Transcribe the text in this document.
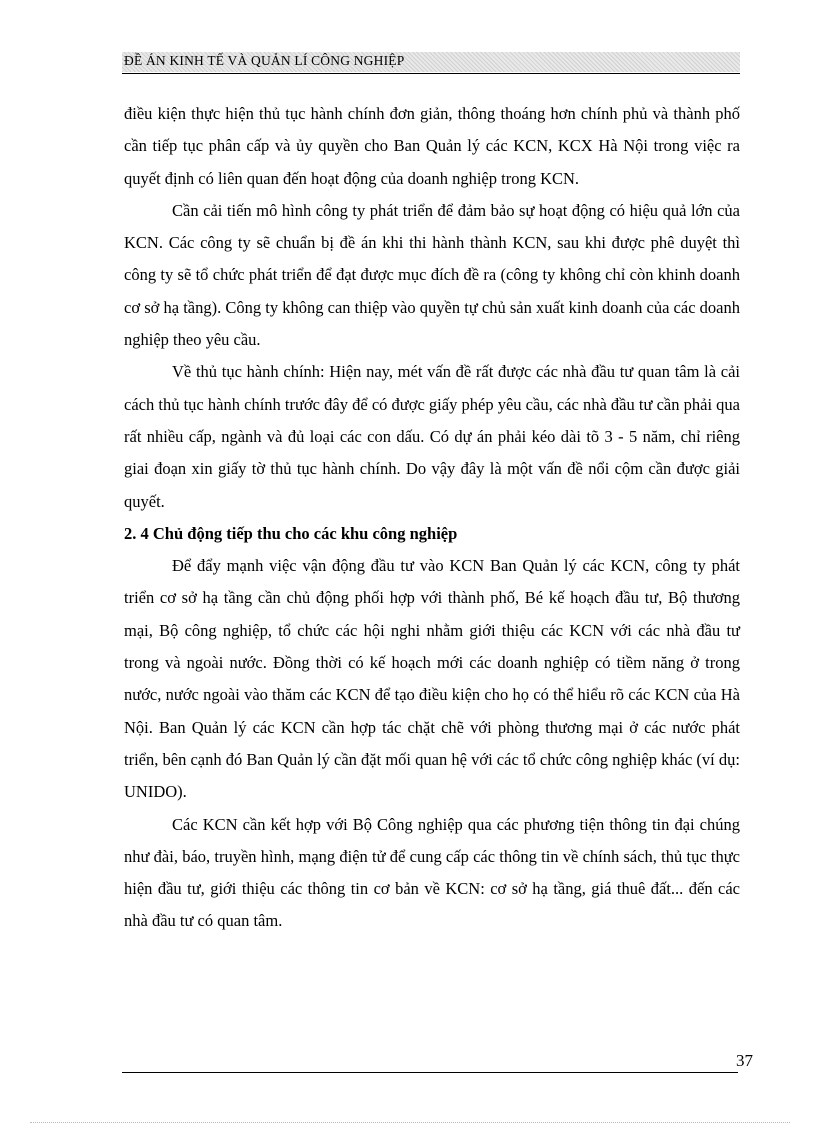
ĐỀ ÁN KINH TẾ VÀ QUẢN LÍ CÔNG NGHIỆP

điều kiện thực hiện thủ tục hành chính đơn giản, thông thoáng hơn chính phủ và thành phố cần tiếp tục phân cấp và ủy quyền cho Ban Quản lý các KCN, KCX Hà Nội trong việc ra quyết định có liên quan đến hoạt động của doanh nghiệp trong KCN.

Cần cải tiến mô hình công ty phát triển để đảm bảo sự hoạt động có hiệu quả lớn của KCN. Các công ty sẽ chuẩn bị đề án khi thi hành thành KCN, sau khi được phê duyệt thì công ty sẽ tổ chức phát triển để đạt được mục đích đề ra (công ty không chỉ còn khinh doanh cơ sở hạ tầng). Công ty không can thiệp vào quyền tự chủ sản xuất kinh doanh của các doanh nghiệp theo yêu cầu.

Về thủ tục hành chính: Hiện nay, mét vấn đề rất được các nhà đầu tư quan tâm là cải cách thủ tục hành chính trước đây để có được giấy phép yêu cầu, các nhà đầu tư cần phải qua rất nhiều cấp, ngành và đủ loại các con dấu. Có dự án phải kéo dài tõ 3 - 5 năm, chỉ riêng giai đoạn xin giấy tờ thủ tục hành chính. Do vậy đây là một vấn đề nổi cộm cần được giải quyết.

2. 4 Chủ động tiếp thu cho các khu công nghiệp

Để đẩy mạnh việc vận động đầu tư vào KCN Ban Quản lý các KCN, công ty phát triển cơ sở hạ tầng cần chủ động phối hợp với thành phố, Bé kế hoạch đầu tư, Bộ thương mại, Bộ công nghiệp, tổ chức các hội nghi nhằm giới thiệu các KCN với các nhà đầu tư trong và ngoài nước. Đồng thời có kế hoạch mới các doanh nghiệp có tiềm năng ở trong nước, nước ngoài vào thăm các KCN để tạo điều kiện cho họ có thể hiểu rõ các KCN của Hà Nội. Ban Quản lý các KCN cần hợp tác chặt chẽ với phòng thương mại ở các nước phát triển, bên cạnh đó Ban Quản lý cần đặt mối quan hệ với các tổ chức công nghiệp khác (ví dụ: UNIDO).

Các KCN cần kết hợp với Bộ Công nghiệp qua các phương tiện thông tin đại chúng như đài, báo, truyền hình, mạng điện tử để cung cấp các thông tin về chính sách, thủ tục thực hiện đầu tư, giới thiệu các thông tin cơ bản về KCN: cơ sở hạ tầng, giá thuê đất... đến các nhà đầu tư có quan tâm.

37
